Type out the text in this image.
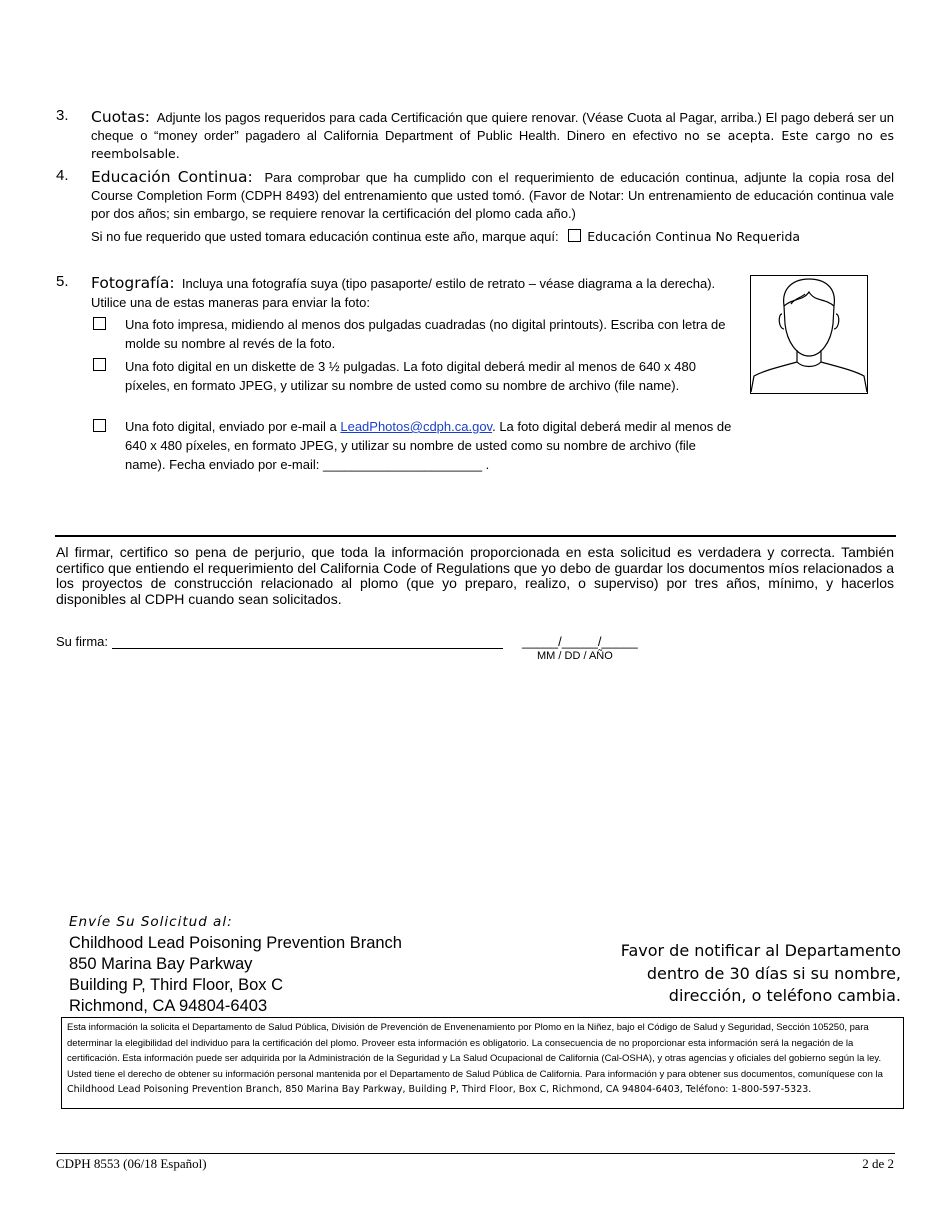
3. Cuotas: Adjunte los pagos requeridos para cada Certificación que quiere renovar. (Véase Cuota al Pagar, arriba.) El pago deberá ser un cheque o “money order” pagadero al California Department of Public Health. Dinero en efectivo no se acepta. Este cargo no es reembolsable.
4. Educación Continua: Para comprobar que ha cumplido con el requerimiento de educación continua, adjunte la copia rosa del Course Completion Form (CDPH 8493) del entrenamiento que usted tomó. (Favor de Notar: Un entrenamiento de educación continua vale por dos años; sin embargo, se requiere renovar la certificación del plomo cada año.)
Si no fue requerido que usted tomara educación continua este año, marque aquí: Educación Continua No Requerida
5. Fotografía: Incluya una fotografía suya (tipo pasaporte/ estilo de retrato – véase diagrama a la derecha). Utilice una de estas maneras para enviar la foto:
Una foto impresa, midiendo al menos dos pulgadas cuadradas (no digital printouts). Escriba con letra de molde su nombre al revés de la foto.
Una foto digital en un diskette de 3 ½ pulgadas. La foto digital deberá medir al menos de 640 x 480 píxeles, en formato JPEG, y utilizar su nombre de usted como su nombre de archivo (file name).
Una foto digital, enviado por e-mail a LeadPhotos@cdph.ca.gov. La foto digital deberá medir al menos de 640 x 480 píxeles, en formato JPEG, y utilizar su nombre de usted como su nombre de archivo (file name). Fecha enviado por e-mail: ______________________ .
Al firmar, certifico so pena de perjurio, que toda la información proporcionada en esta solicitud es verdadera y correcta. También certifico que entiendo el requerimiento del California Code of Regulations que yo debo de guardar los documentos míos relacionados a los proyectos de construcción relacionado al plomo (que yo preparo, realizo, o superviso) por tres años, mínimo, y hacerlos disponibles al CDPH cuando sean solicitados.
Su firma:	_____/_____/_____
MM / DD / AÑO
Envíe Su Solicitud al:
Childhood Lead Poisoning Prevention Branch
850 Marina Bay Parkway
Building P, Third Floor, Box C
Richmond, CA 94804-6403
Favor de notificar al Departamento
dentro de 30 días si su nombre,
dirección, o teléfono cambia.
Esta información la solicita el Departamento de Salud Pública, División de Prevención de Envenenamiento por Plomo en la Niñez, bajo el Código de Salud y Seguridad, Sección 105250, para determinar la elegibilidad del individuo para la certificación del plomo. Proveer esta información es obligatorio. La consecuencia de no proporcionar esta información será la negación de la certificación. Esta información puede ser adquirida por la Administración de la Seguridad y La Salud Ocupacional de California (Cal-OSHA), y otras agencias y oficiales del gobierno según la ley. Usted tiene el derecho de obtener su información personal mantenida por el Departamento de Salud Pública de California. Para información y para obtener sus documentos, comuníquese con la Childhood Lead Poisoning Prevention Branch, 850 Marina Bay Parkway, Building P, Third Floor, Box C, Richmond, CA 94804-6403, Teléfono: 1-800-597-5323.
CDPH 8553 (06/18 Español)	2 de 2
